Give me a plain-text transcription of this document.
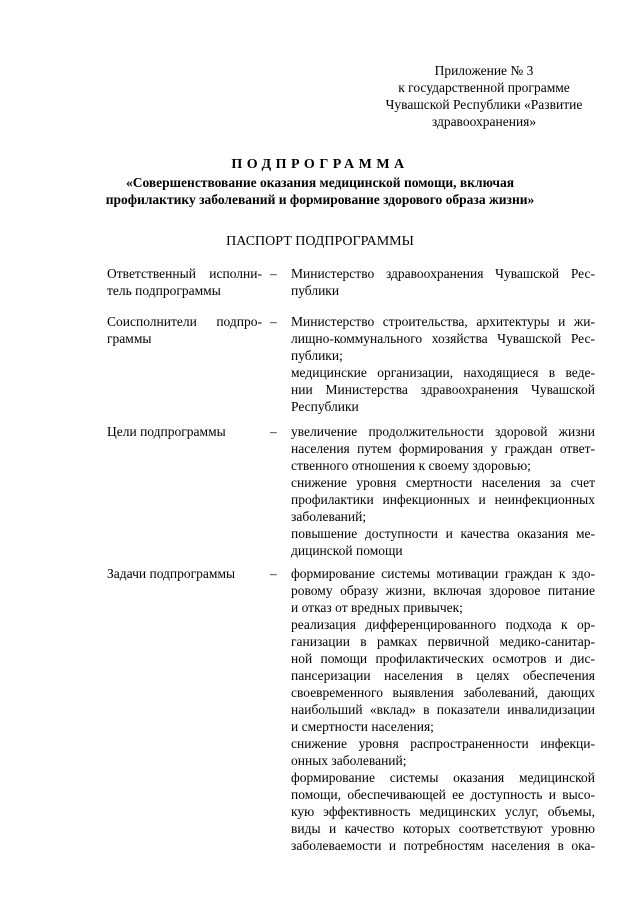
Приложение № 3
к государственной программе
Чувашской Республики «Развитие
здравоохранения»
ПОДПРОГРАММА
«Совершенствование оказания медицинской помощи, включая
профилактику заболеваний и формирование здорового образа жизни»
ПАСПОРТ ПОДПРОГРАММЫ
Ответственный исполни-
тель подпрограммы
– Министерство здравоохранения Чувашской Рес-
публики
Соисполнители подпро-
граммы
– Министерство строительства, архитектуры и жи-
лищно-коммунального хозяйства Чувашской Рес-
публики;
медицинские организации, находящиеся в веде-
нии Министерства здравоохранения Чувашской
Республики
Цели подпрограммы	– увеличение продолжительности здоровой жизни
населения путем формирования у граждан ответ-
ственного отношения к своему здоровью;
снижение уровня смертности населения за счет
профилактики инфекционных и неинфекционных
заболеваний;
повышение доступности и качества оказания ме-
дицинской помощи
Задачи подпрограммы	– формирование системы мотивации граждан к здо-
ровому образу жизни, включая здоровое питание
и отказ от вредных привычек;
реализация дифференцированного подхода к ор-
ганизации в рамках первичной медико-санитар-
ной помощи профилактических осмотров и дис-
пансеризации населения в целях обеспечения
своевременного выявления заболеваний, дающих
наибольший «вклад» в показатели инвалидизации
и смертности населения;
снижение уровня распространенности инфекци-
онных заболеваний;
формирование системы оказания медицинской
помощи, обеспечивающей ее доступность и высо-
кую эффективность медицинских услуг, объемы,
виды и качество которых соответствуют уровню
заболеваемости и потребностям населения в ока-
